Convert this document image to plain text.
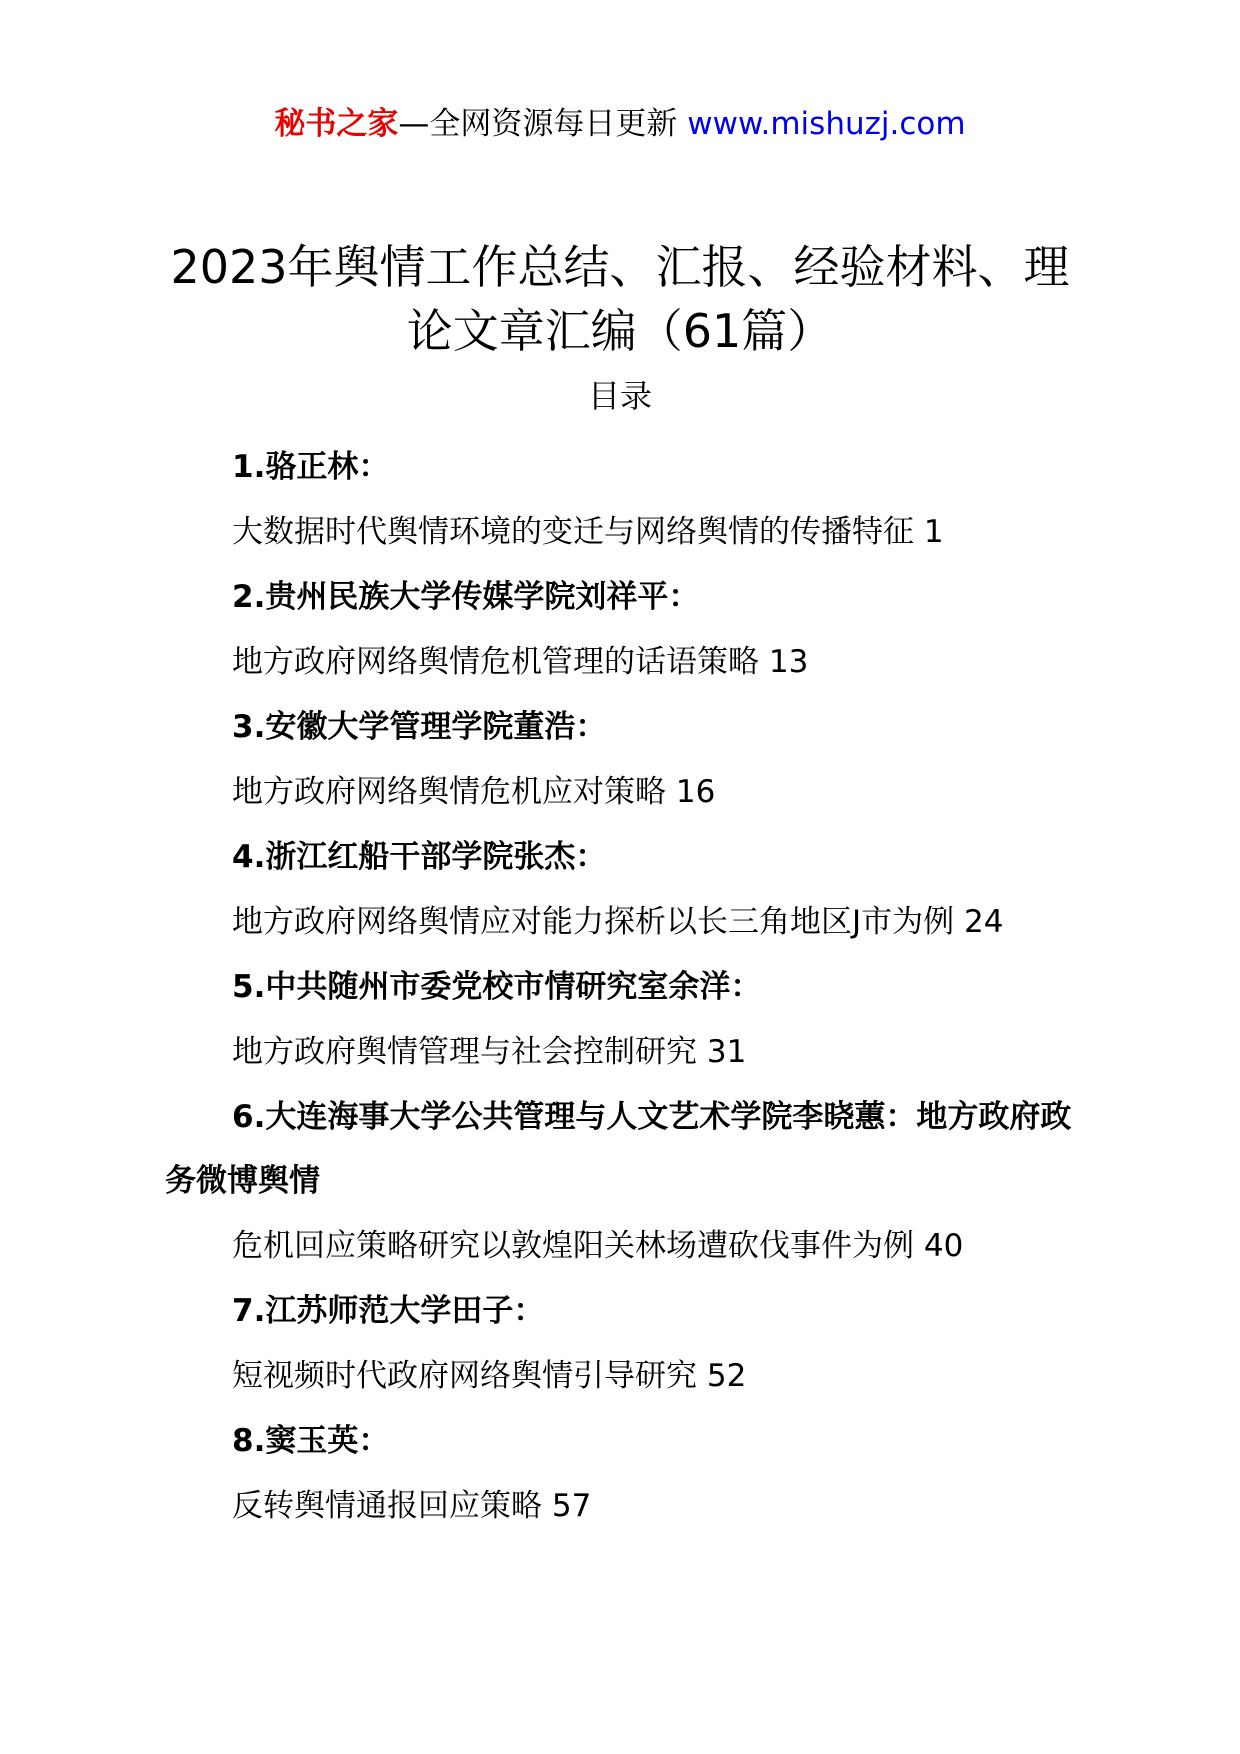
秘书之家—全网资源每日更新 www.mishuzj.com
2023年舆情工作总结、汇报、经验材料、理论文章汇编（61篇）
目录
1.骆正林：
大数据时代舆情环境的变迁与网络舆情的传播特征 1
2.贵州民族大学传媒学院刘祥平：
地方政府网络舆情危机管理的话语策略 13
3.安徽大学管理学院董浩：
地方政府网络舆情危机应对策略 16
4.浙江红船干部学院张杰：
地方政府网络舆情应对能力探析以长三角地区J市为例 24
5.中共随州市委党校市情研究室余洋：
地方政府舆情管理与社会控制研究 31
6.大连海事大学公共管理与人文艺术学院李晓蕙：地方政府政务微博舆情
危机回应策略研究以敦煌阳关林场遭砍伐事件为例 40
7.江苏师范大学田子：
短视频时代政府网络舆情引导研究 52
8.窦玉英：
反转舆情通报回应策略 57
